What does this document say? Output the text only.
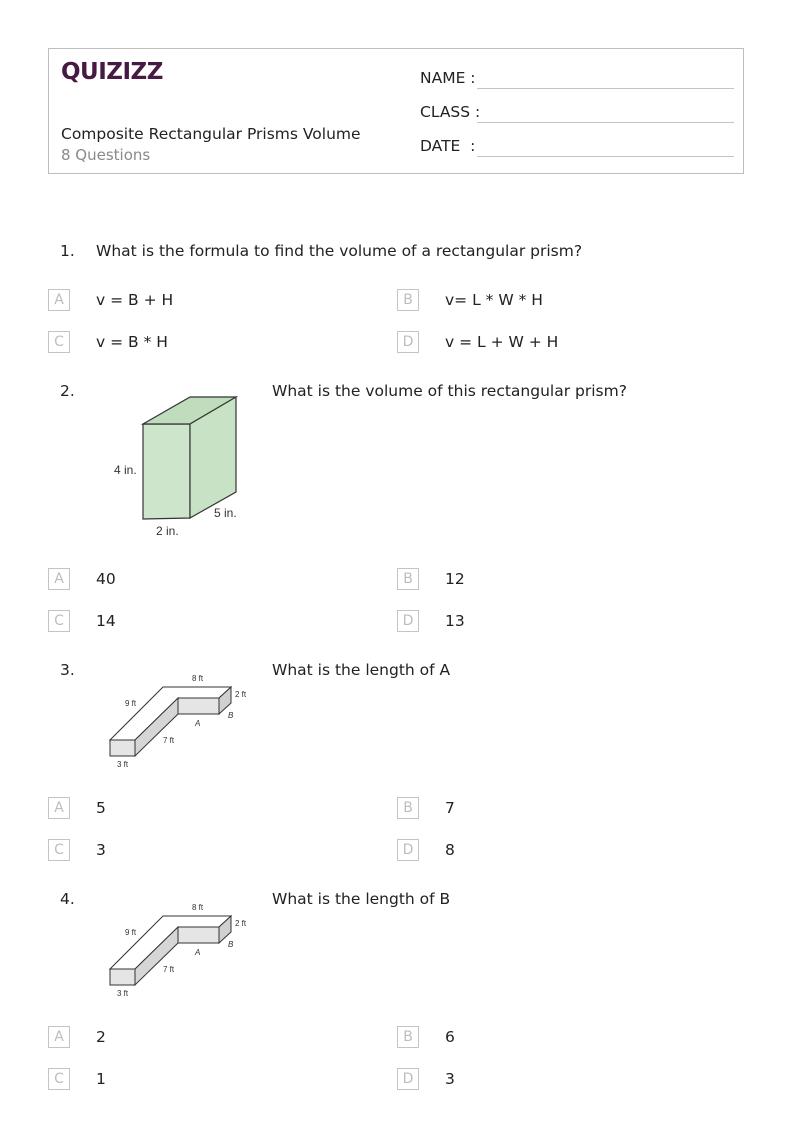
QUIZIZZ
Composite Rectangular Prisms Volume
8 Questions
NAME :
CLASS :
DATE  :
1. What is the formula to find the volume of a rectangular prism?
A	v = B + H	B	v= L * W * H
C	v = B * H	D	v = L + W + H
2.
4 in.
2 in.
5 in.
What is the volume of this rectangular prism?
A	40	B	12
C	14	D	13
3.	8 ft
2 ft
B
A
9 ft
7 ft
3 ft
What is the length of A
A	5	B	7
C	3	D	8
4.	8 ft
2 ft
B
A
9 ft
7 ft
3 ft
What is the length of B
A	2	B	6
C	1	D	3
